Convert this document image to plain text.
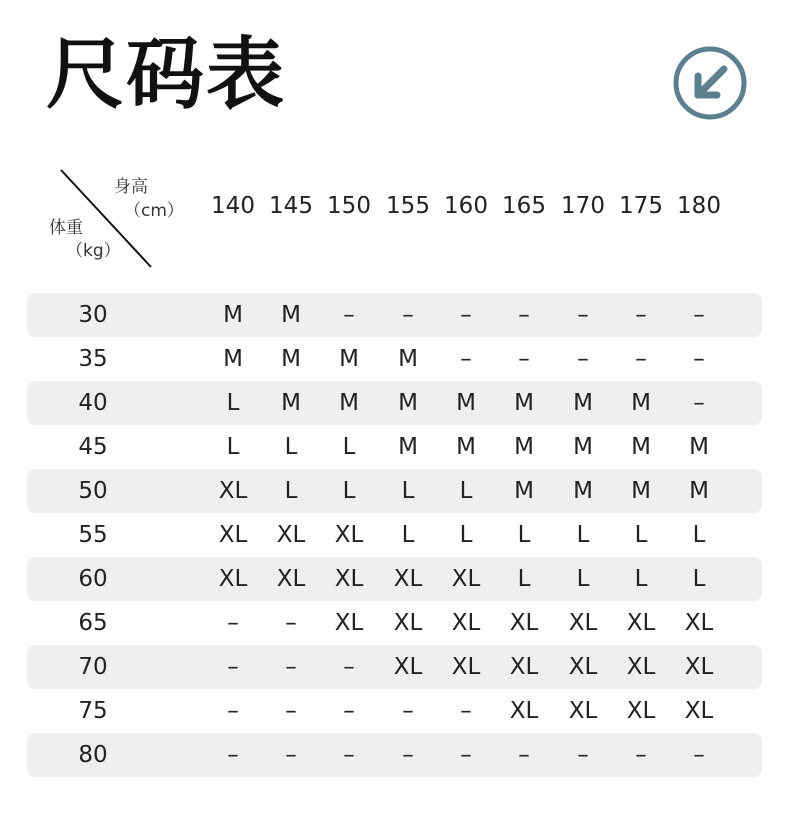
尺码表
身高
（cm）
体重
（kg）
140 145 150 155 160 165 170 175 180
30	M	M	–	–	–	–	–	–	–
35	M	M	M	M	–	–	–	–	–
40	L	M	M	M	M	M	M	M	–
45	L	L	L	M	M	M	M	M	M
50	XL	L	L	L	L	M	M	M	M
55	XL	XL	XL	L	L	L	L	L	L
60	XL	XL	XL	XL	XL	L	L	L	L
65	–	–	XL	XL	XL	XL	XL	XL	XL
70	–	–	–	XL	XL	XL	XL	XL	XL
75	–	–	–	–	–	XL	XL	XL	XL
80	–	–	–	–	–	–	–	–	–
